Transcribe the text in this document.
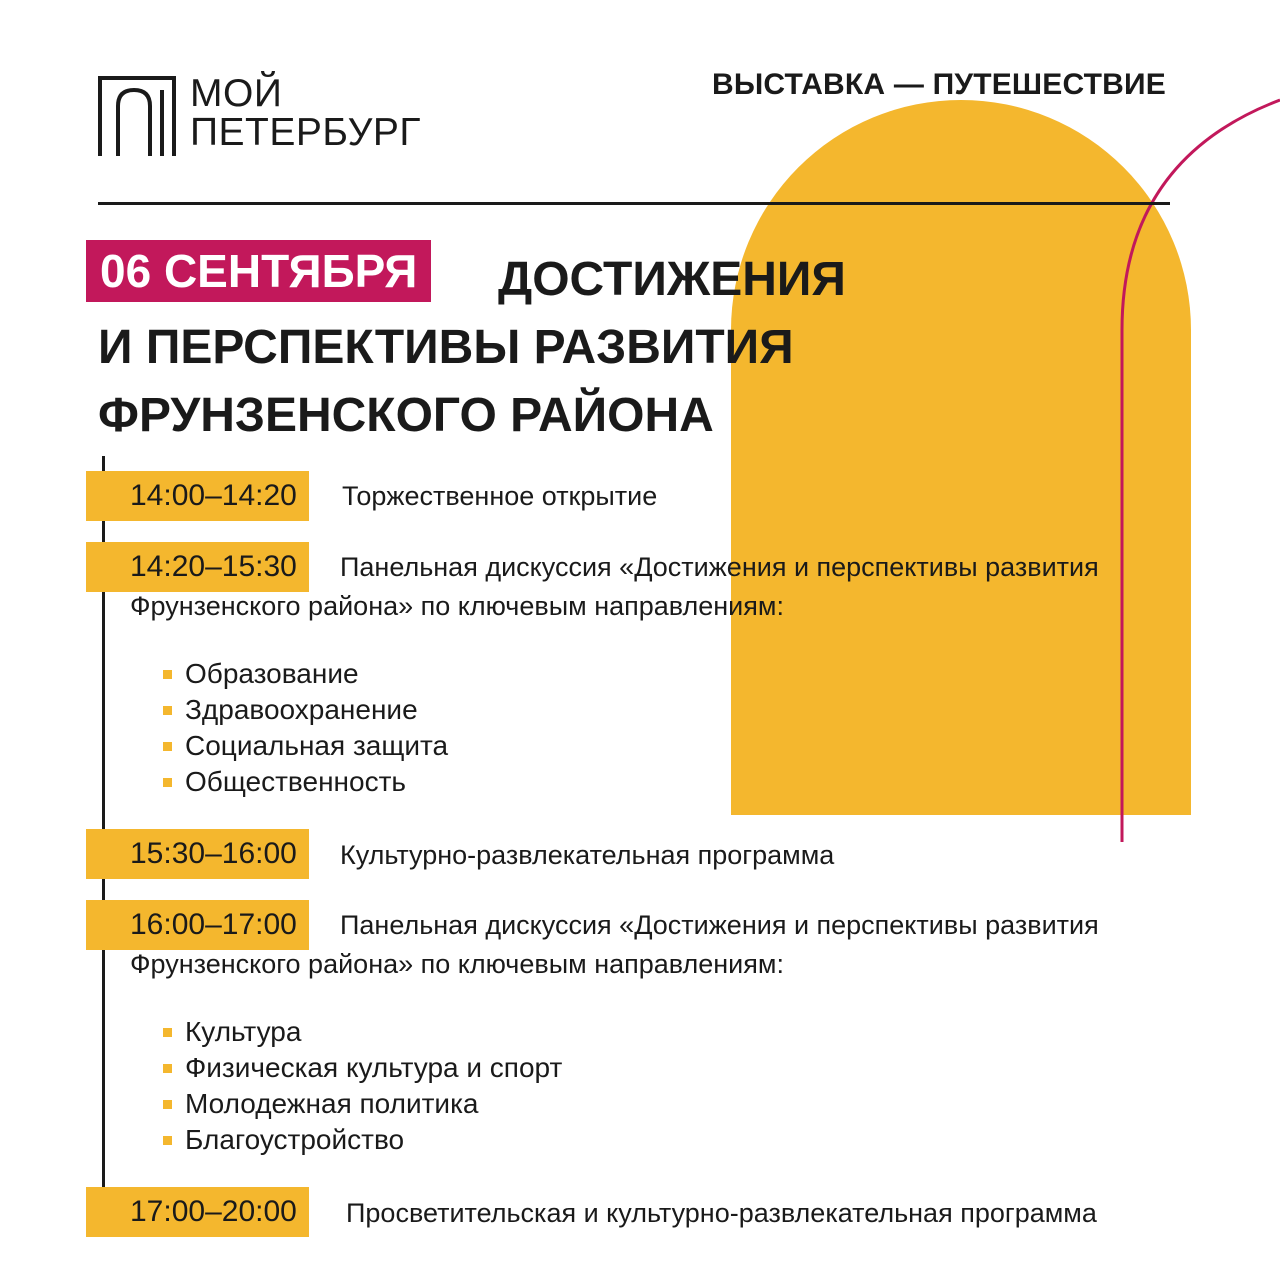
МОЙ
ПЕТЕРБУРГ
ВЫСТАВКА — ПУТЕШЕСТВИЕ
ДОСТИЖЕНИЯ
И ПЕРСПЕКТИВЫ РАЗВИТИЯ
ФРУНЗЕНСКОГО РАЙОНА
06 СЕНТЯБРЯ
14:00–14:20	Торжественное открытие
14:20–15:30	Панельная дискуссия «Достижения и перспективы развития
Фрунзенского района» по ключевым направлениям:
Образование
Здравоохранение
Социальная защита
Общественность
15:30–16:00	Культурно-развлекательная программа
16:00–17:00	Панельная дискуссия «Достижения и перспективы развития
Фрунзенского района» по ключевым направлениям:
Культура
Физическая культура и спорт
Молодежная политика
Благоустройство
17:00–20:00	Просветительская и культурно-развлекательная программа
